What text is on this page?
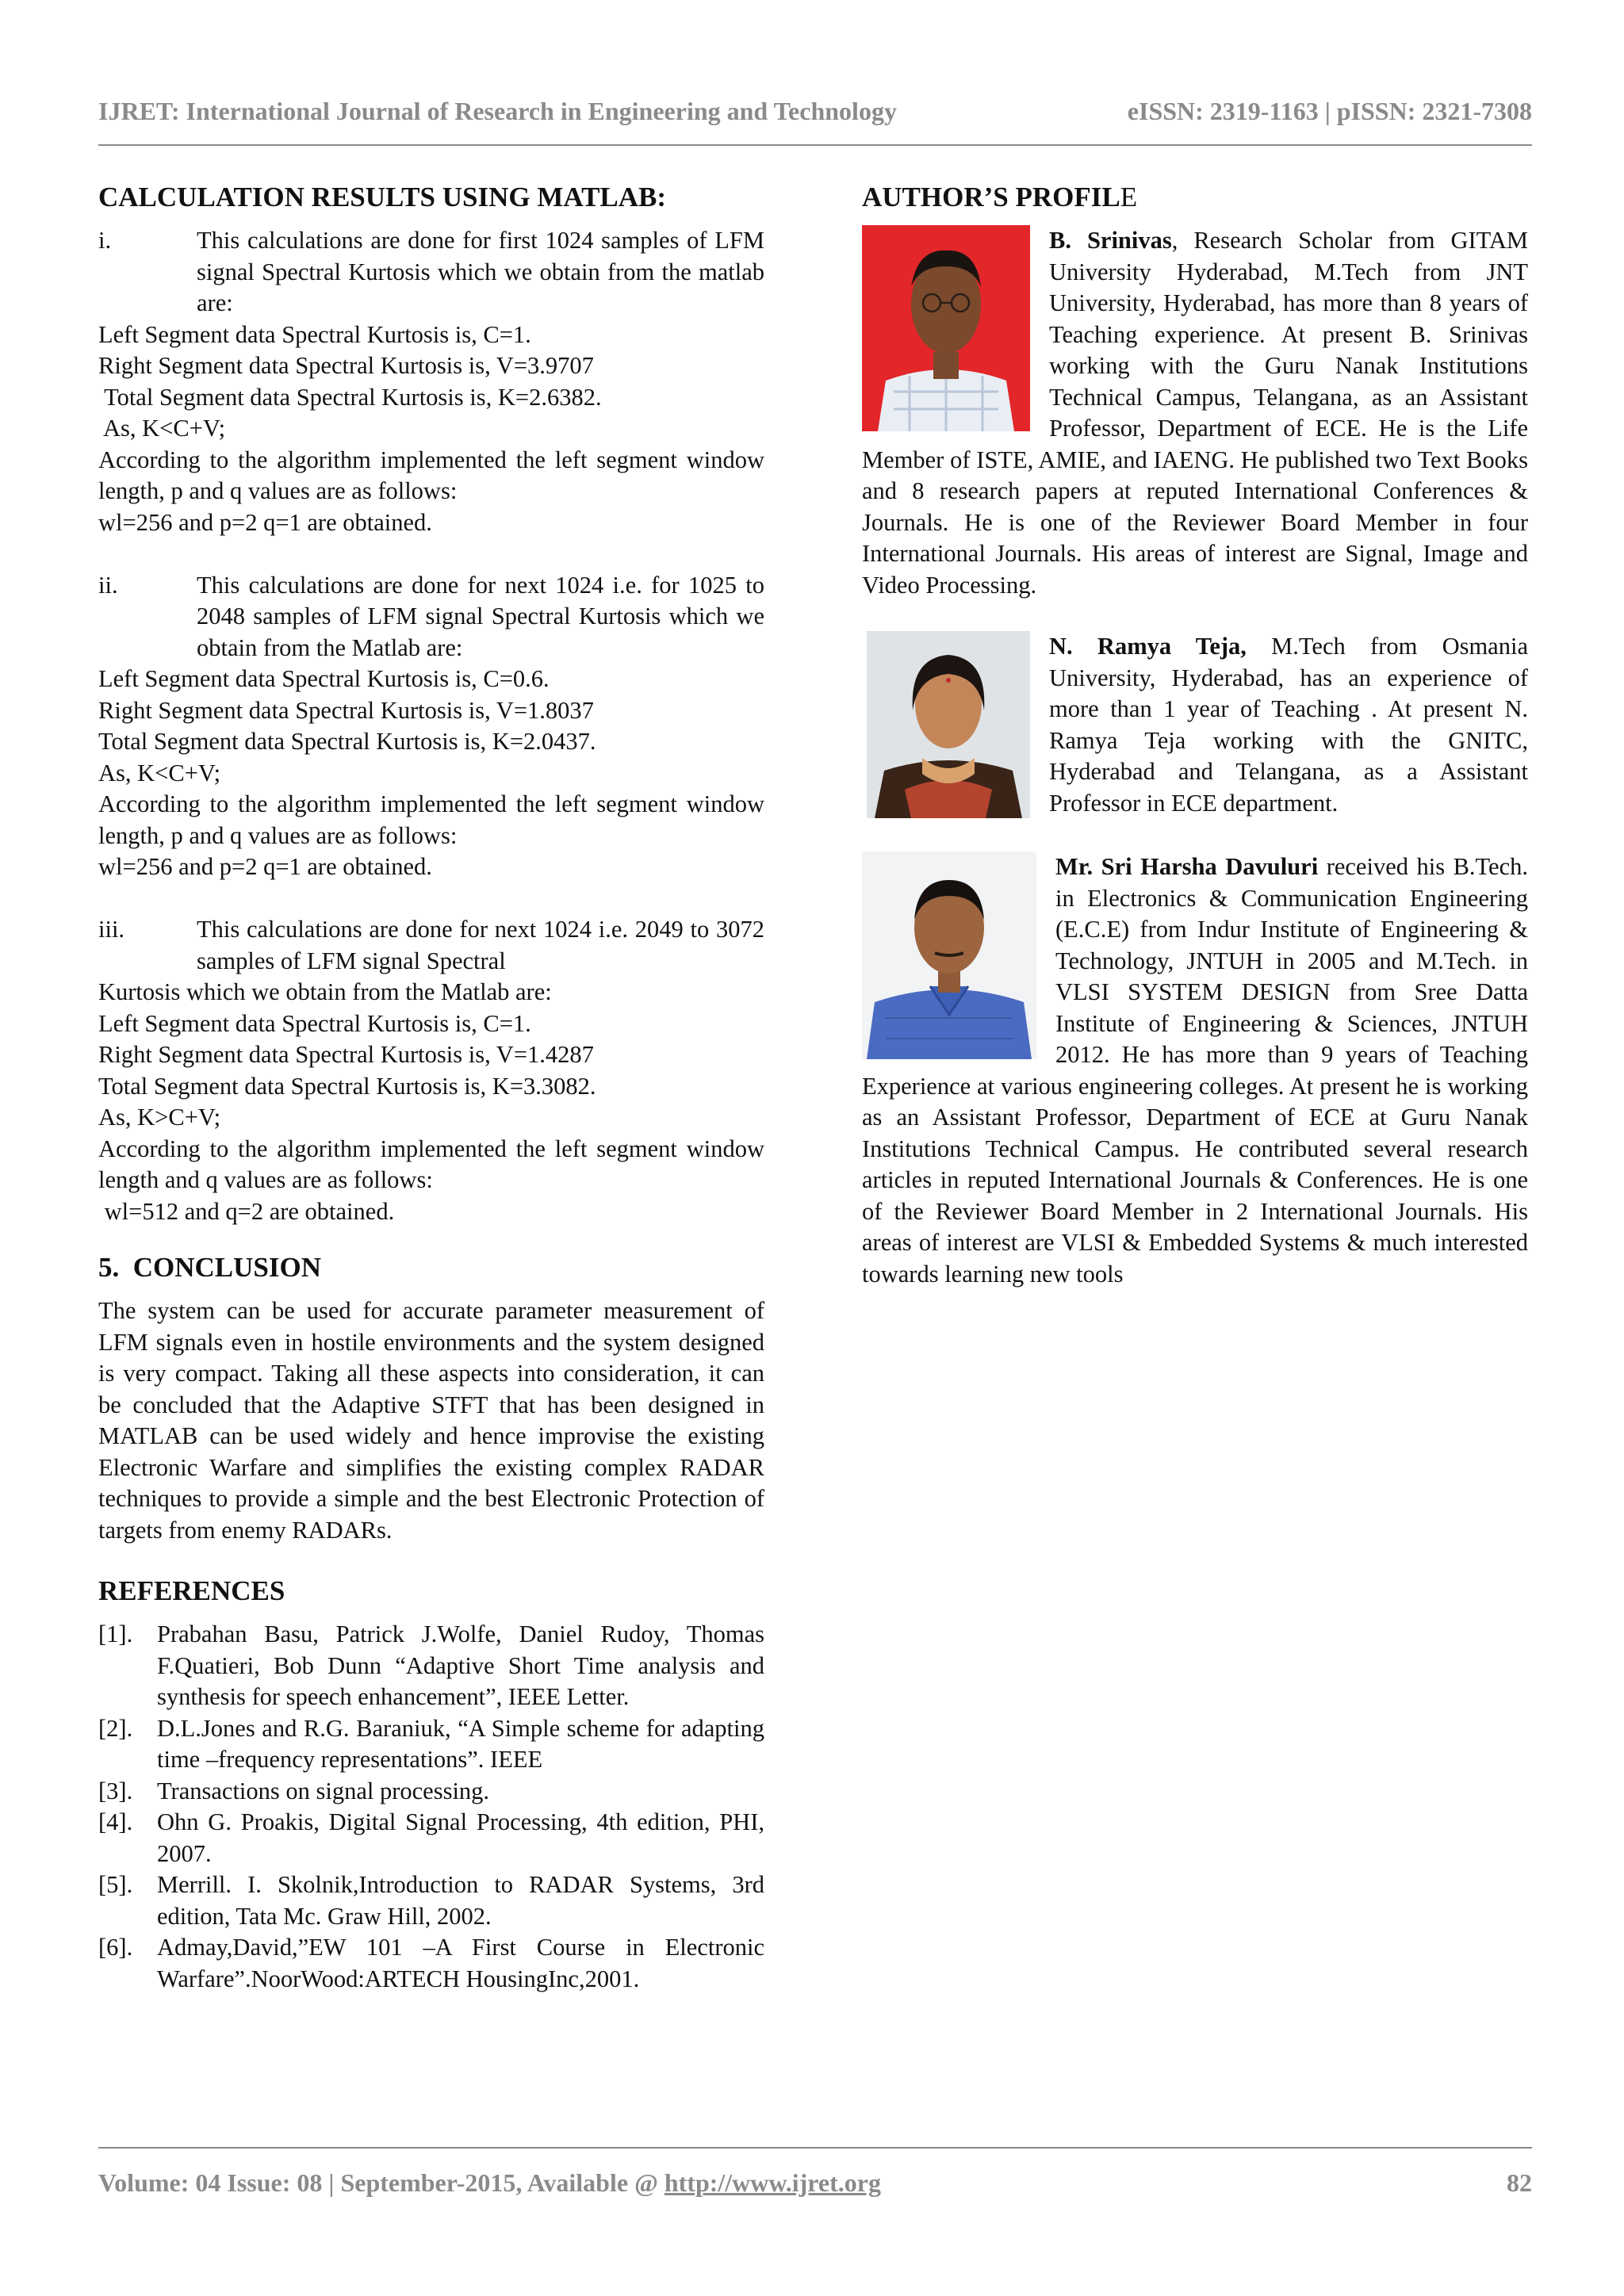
IJRET: International Journal of Research in Engineering and Technology	eISSN: 2319-1163 | pISSN: 2321-7308
CALCULATION RESULTS USING MATLAB:
i.	This calculations are done for first 1024 samples of LFM signal Spectral Kurtosis which we obtain from the matlab are:
Left Segment data Spectral Kurtosis is, C=1.
Right Segment data Spectral Kurtosis is, V=3.9707
Total Segment data Spectral Kurtosis is, K=2.6382.
As, K<C+V;
According to the algorithm implemented the left segment window length, p and q values are as follows:
wl=256 and p=2 q=1 are obtained.
ii.	This calculations are done for next 1024 i.e. for 1025 to 2048 samples of LFM signal Spectral Kurtosis which we obtain from the Matlab are:
Left Segment data Spectral Kurtosis is, C=0.6.
Right Segment data Spectral Kurtosis is, V=1.8037
Total Segment data Spectral Kurtosis is, K=2.0437.
As, K<C+V;
According to the algorithm implemented the left segment window length, p and q values are as follows:
wl=256 and p=2 q=1 are obtained.
iii.	This calculations are done for next 1024 i.e. 2049 to 3072 samples of LFM signal Spectral
Kurtosis which we obtain from the Matlab are:
Left Segment data Spectral Kurtosis is, C=1.
Right Segment data Spectral Kurtosis is, V=1.4287
Total Segment data Spectral Kurtosis is, K=3.3082.
As, K>C+V;
According to the algorithm implemented the left segment window length and q values are as follows:
wl=512 and q=2 are obtained.
5.  CONCLUSION

The system can be used for accurate parameter measurement of LFM signals even in hostile environments and the system designed is very compact. Taking all these aspects into consideration, it can be concluded that the Adaptive STFT that has been designed in MATLAB can be used widely and hence improvise the existing Electronic Warfare and simplifies the existing complex RADAR techniques to provide a simple and the best Electronic Protection of targets from enemy RADARs.

REFERENCES
[1].	Prabahan Basu, Patrick J.Wolfe, Daniel Rudoy, Thomas F.Quatieri, Bob Dunn “Adaptive Short Time analysis and synthesis for speech enhancement”, IEEE Letter.
[2].	D.L.Jones and R.G. Baraniuk, “A Simple scheme for adapting time –frequency representations”. IEEE
[3].	Transactions on signal processing.
[4].	Ohn G. Proakis, Digital Signal Processing, 4th edition, PHI, 2007.
[5].	Merrill. I. Skolnik,Introduction to RADAR Systems, 3rd edition, Tata Mc. Graw Hill, 2002.
[6].	Admay,David,”EW 101 –A First Course in Electronic Warfare”.NoorWood:ARTECH HousingInc,2001.
AUTHOR’S PROFILE

B. Srinivas, Research Scholar from GITAM University Hyderabad, M.Tech from JNT University, Hyderabad, has more than 8 years of Teaching experience. At present B. Srinivas working with the Guru Nanak Institutions Technical Campus, Telangana, as an Assistant Professor, Department of ECE. He is the Life Member of ISTE, AMIE, and IAENG. He published two Text Books and 8 research papers at reputed International Conferences & Journals. He is one of the Reviewer Board Member in four International Journals. His areas of interest are Signal, Image and Video Processing.

N. Ramya Teja, M.Tech from Osmania University, Hyderabad, has an experience of more than 1 year of Teaching . At present N. Ramya Teja working with the GNITC, Hyderabad and Telangana, as a Assistant Professor in ECE department.

Mr. Sri Harsha Davuluri received his B.Tech. in Electronics & Communication Engineering (E.C.E) from Indur Institute of Engineering & Technology, JNTUH in 2005 and M.Tech. in VLSI SYSTEM DESIGN from Sree Datta Institute of Engineering & Sciences, JNTUH 2012. He has more than 9 years of Teaching Experience at various engineering colleges. At present he is working as an Assistant Professor, Department of ECE at Guru Nanak Institutions Technical Campus. He contributed several research articles in reputed International Journals & Conferences. He is one of the Reviewer Board Member in 2 International Journals. His areas of interest are VLSI & Embedded Systems & much interested towards learning new tools

Volume: 04 Issue: 08 | September-2015, Available @ http://www.ijret.org	82
